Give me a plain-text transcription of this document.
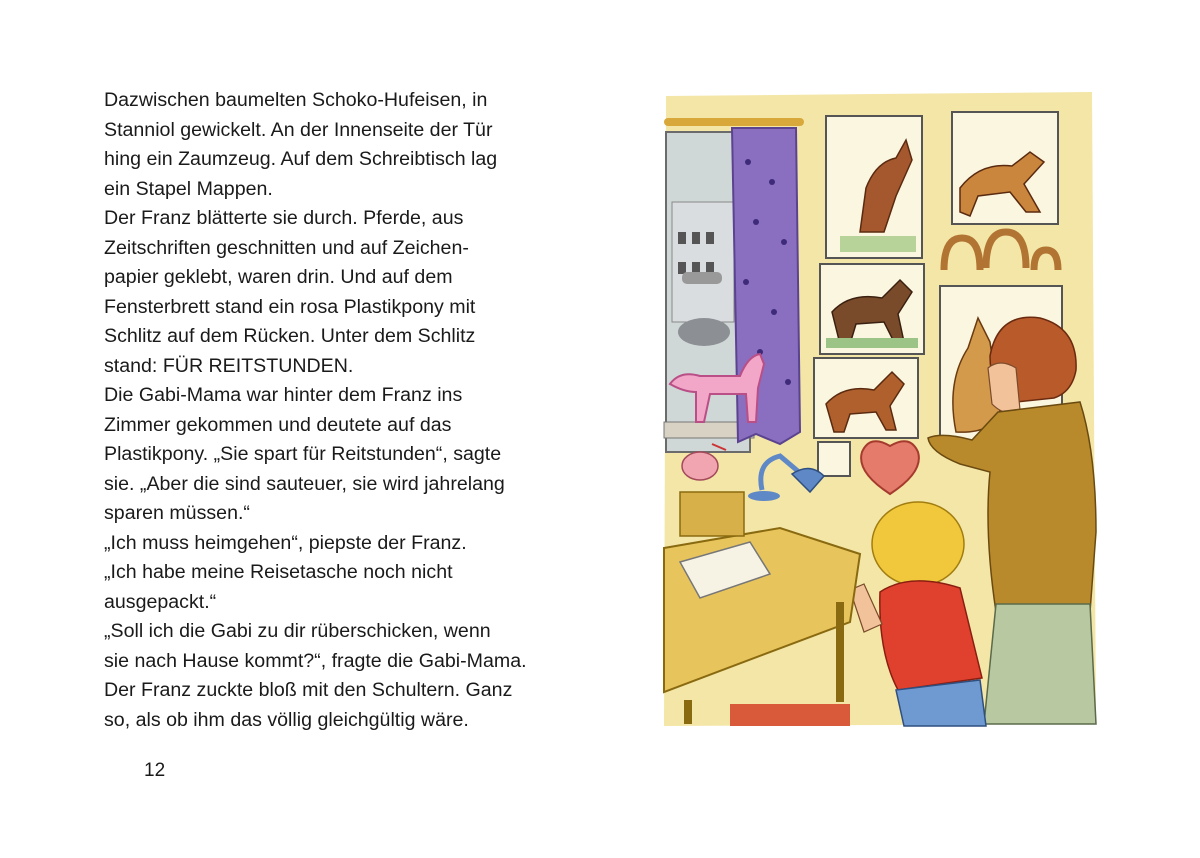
Dazwischen baumelten Schoko-Hufeisen, in
Stanniol gewickelt. An der Innenseite der Tür
hing ein Zaumzeug. Auf dem Schreibtisch lag
ein Stapel Mappen.
Der Franz blätterte sie durch. Pferde, aus
Zeitschriften geschnitten und auf Zeichen-
papier geklebt, waren drin. Und auf dem
Fensterbrett stand ein rosa Plastikpony mit
Schlitz auf dem Rücken. Unter dem Schlitz
stand: FÜR REITSTUNDEN.
Die Gabi-Mama war hinter dem Franz ins
Zimmer gekommen und deutete auf das
Plastikpony. „Sie spart für Reitstunden“, sagte
sie. „Aber die sind sauteuer, sie wird jahrelang
sparen müssen.“
„Ich muss heimgehen“, piepste der Franz.
„Ich habe meine Reisetasche noch nicht
ausgepackt.“
„Soll ich die Gabi zu dir rüberschicken, wenn
sie nach Hause kommt?“, fragte die Gabi-Mama.
Der Franz zuckte bloß mit den Schultern. Ganz
so, als ob ihm das völlig gleichgültig wäre.
12
